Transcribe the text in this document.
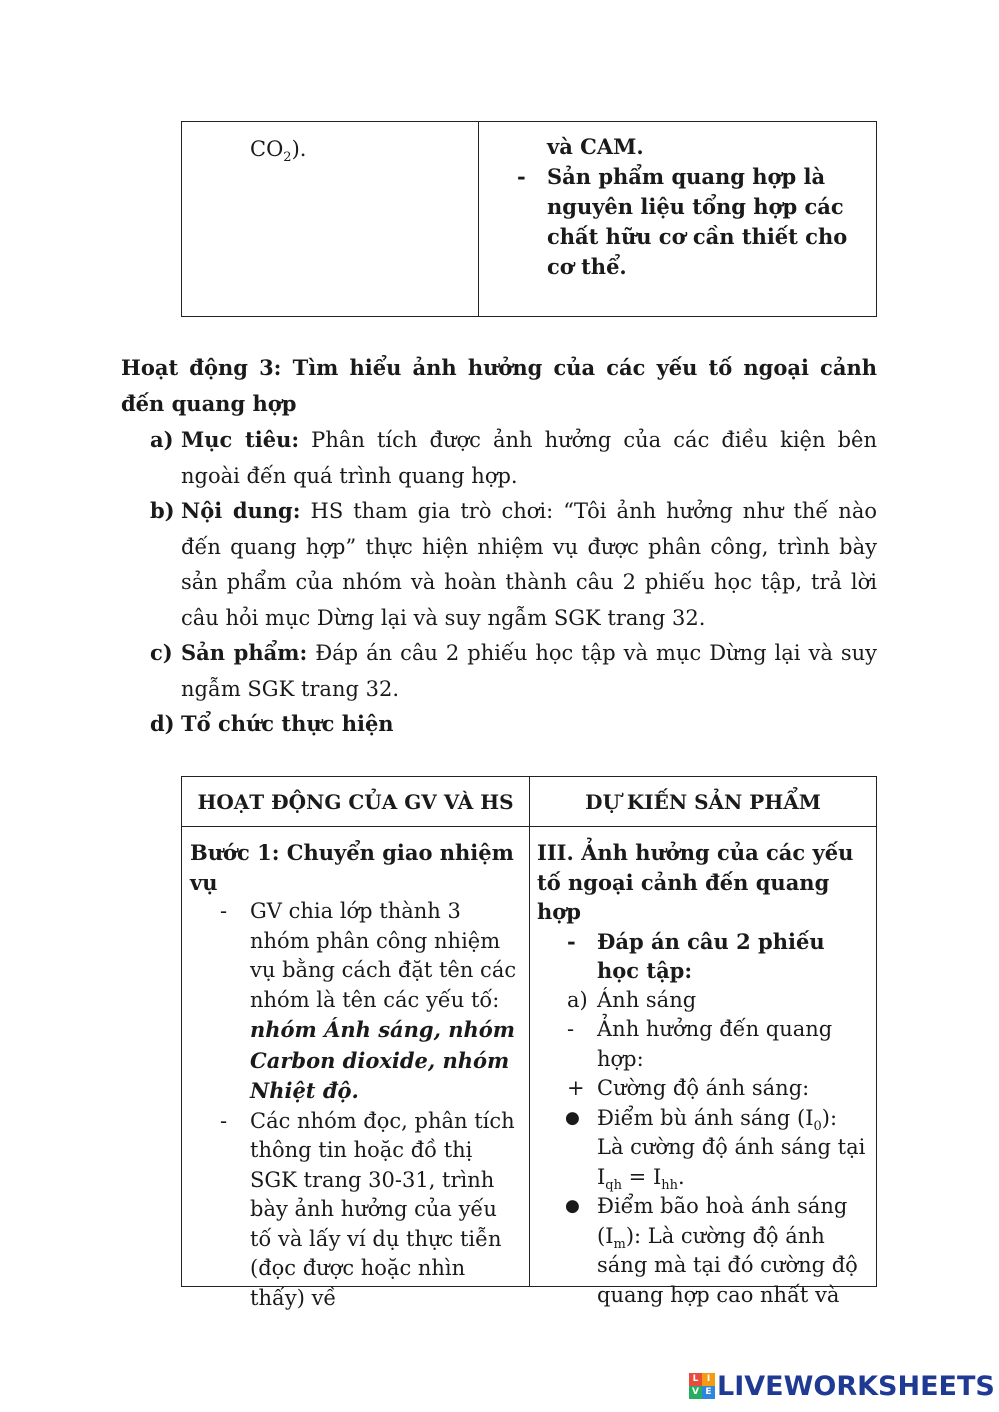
$CO_2$).	và CAM.
- Sản phẩm quang hợp là nguyên liệu tổng hợp các chất hữu cơ cần thiết cho cơ thể.
Hoạt động 3: Tìm hiểu ảnh hưởng của các yếu tố ngoại cảnh đến quang hợp
a) Mục tiêu: Phân tích được ảnh hưởng của các điều kiện bên ngoài đến quá trình quang hợp.
b) Nội dung: HS tham gia trò chơi: “Tôi ảnh hưởng như thế nào đến quang hợp” thực hiện nhiệm vụ được phân công, trình bày sản phẩm của nhóm và hoàn thành câu 2 phiếu học tập, trả lời câu hỏi mục Dừng lại và suy ngẫm SGK trang 32.
c) Sản phẩm: Đáp án câu 2 phiếu học tập và mục Dừng lại và suy ngẫm SGK trang 32.
d) Tổ chức thực hiện
HOẠT ĐỘNG CỦA GV VÀ HS	DỰ KIẾN SẢN PHẨM
Bước 1: Chuyển giao nhiệm vụ
- GV chia lớp thành 3 nhóm phân công nhiệm vụ bằng cách đặt tên các nhóm là tên các yếu tố: nhóm Ánh sáng, nhóm Carbon dioxide, nhóm Nhiệt độ.
- Các nhóm đọc, phân tích thông tin hoặc đồ thị SGK trang 30-31, trình bày ảnh hưởng của yếu tố và lấy ví dụ thực tiễn (đọc được hoặc nhìn thấy) về
III. Ảnh hưởng của các yếu tố ngoại cảnh đến quang hợp
- Đáp án câu 2 phiếu học tập:
a) Ánh sáng
- Ảnh hưởng đến quang hợp:
+ Cường độ ánh sáng:
● Điểm bù ánh sáng $(I_0)$: Là cường độ ánh sáng tại $I_{qh} = I_{hh}$.
● Điểm bão hoà ánh sáng $(I_m)$: Là cường độ ánh sáng mà tại đó cường độ quang hợp cao nhất và
L I
V E LIVEWORKSHEETS
